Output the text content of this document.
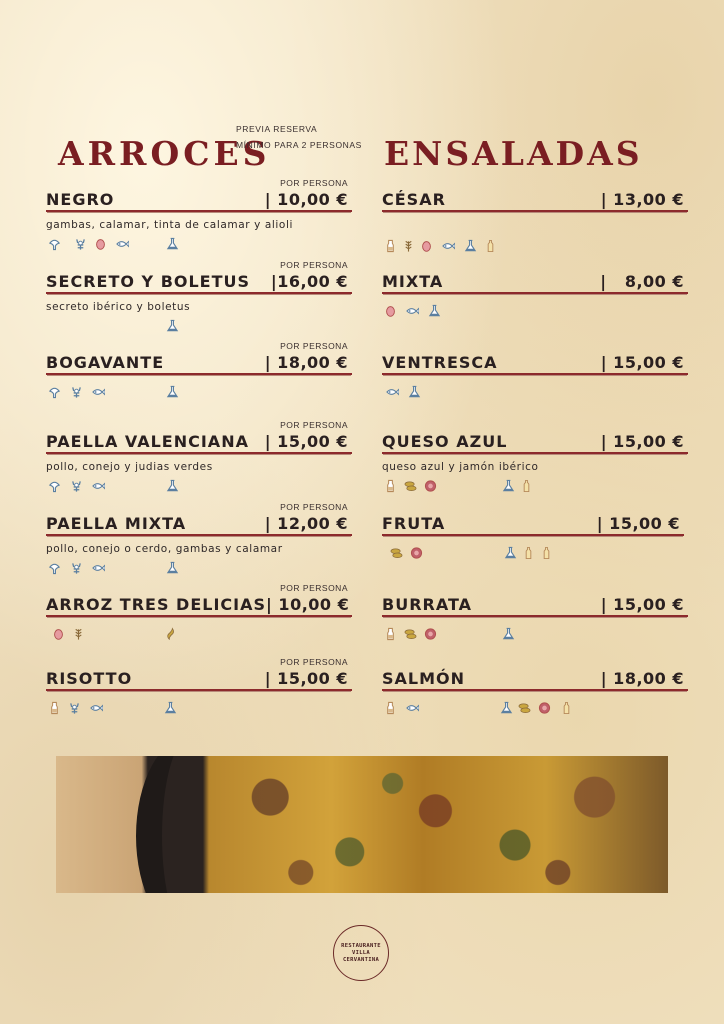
ARROCES
PREVIA RESERVA
MÍNIMO PARA 2 PERSONAS ENSALADAS
POR PERSONA
NEGRO	| 10,00 €
gambas, calamar, tinta de calamar y alioli
POR PERSONA
SECRETO Y BOLETUS	|16,00 €
secreto ibérico y boletus
POR PERSONA
BOGAVANTE	| 18,00 €
POR PERSONA
PAELLA VALENCIANA | 15,00 €
pollo, conejo y judias verdes
POR PERSONA
PAELLA MIXTA	| 12,00 €
pollo, conejo o cerdo, gambas y calamar
POR PERSONA
ARROZ TRES DELICIAS | 10,00 €
POR PERSONA
RISOTTO	| 15,00 €
CÉSAR	| 13,00 €
MIXTA	|   8,00 €
VENTRESCA	| 15,00 €
QUESO AZUL	| 15,00 €
queso azul y jamón ibérico
FRUTA	| 15,00 €
BURRATA	| 15,00 €
SALMÓN	| 18,00 €
RESTAURANTE
VILLA
CERVANTINA
